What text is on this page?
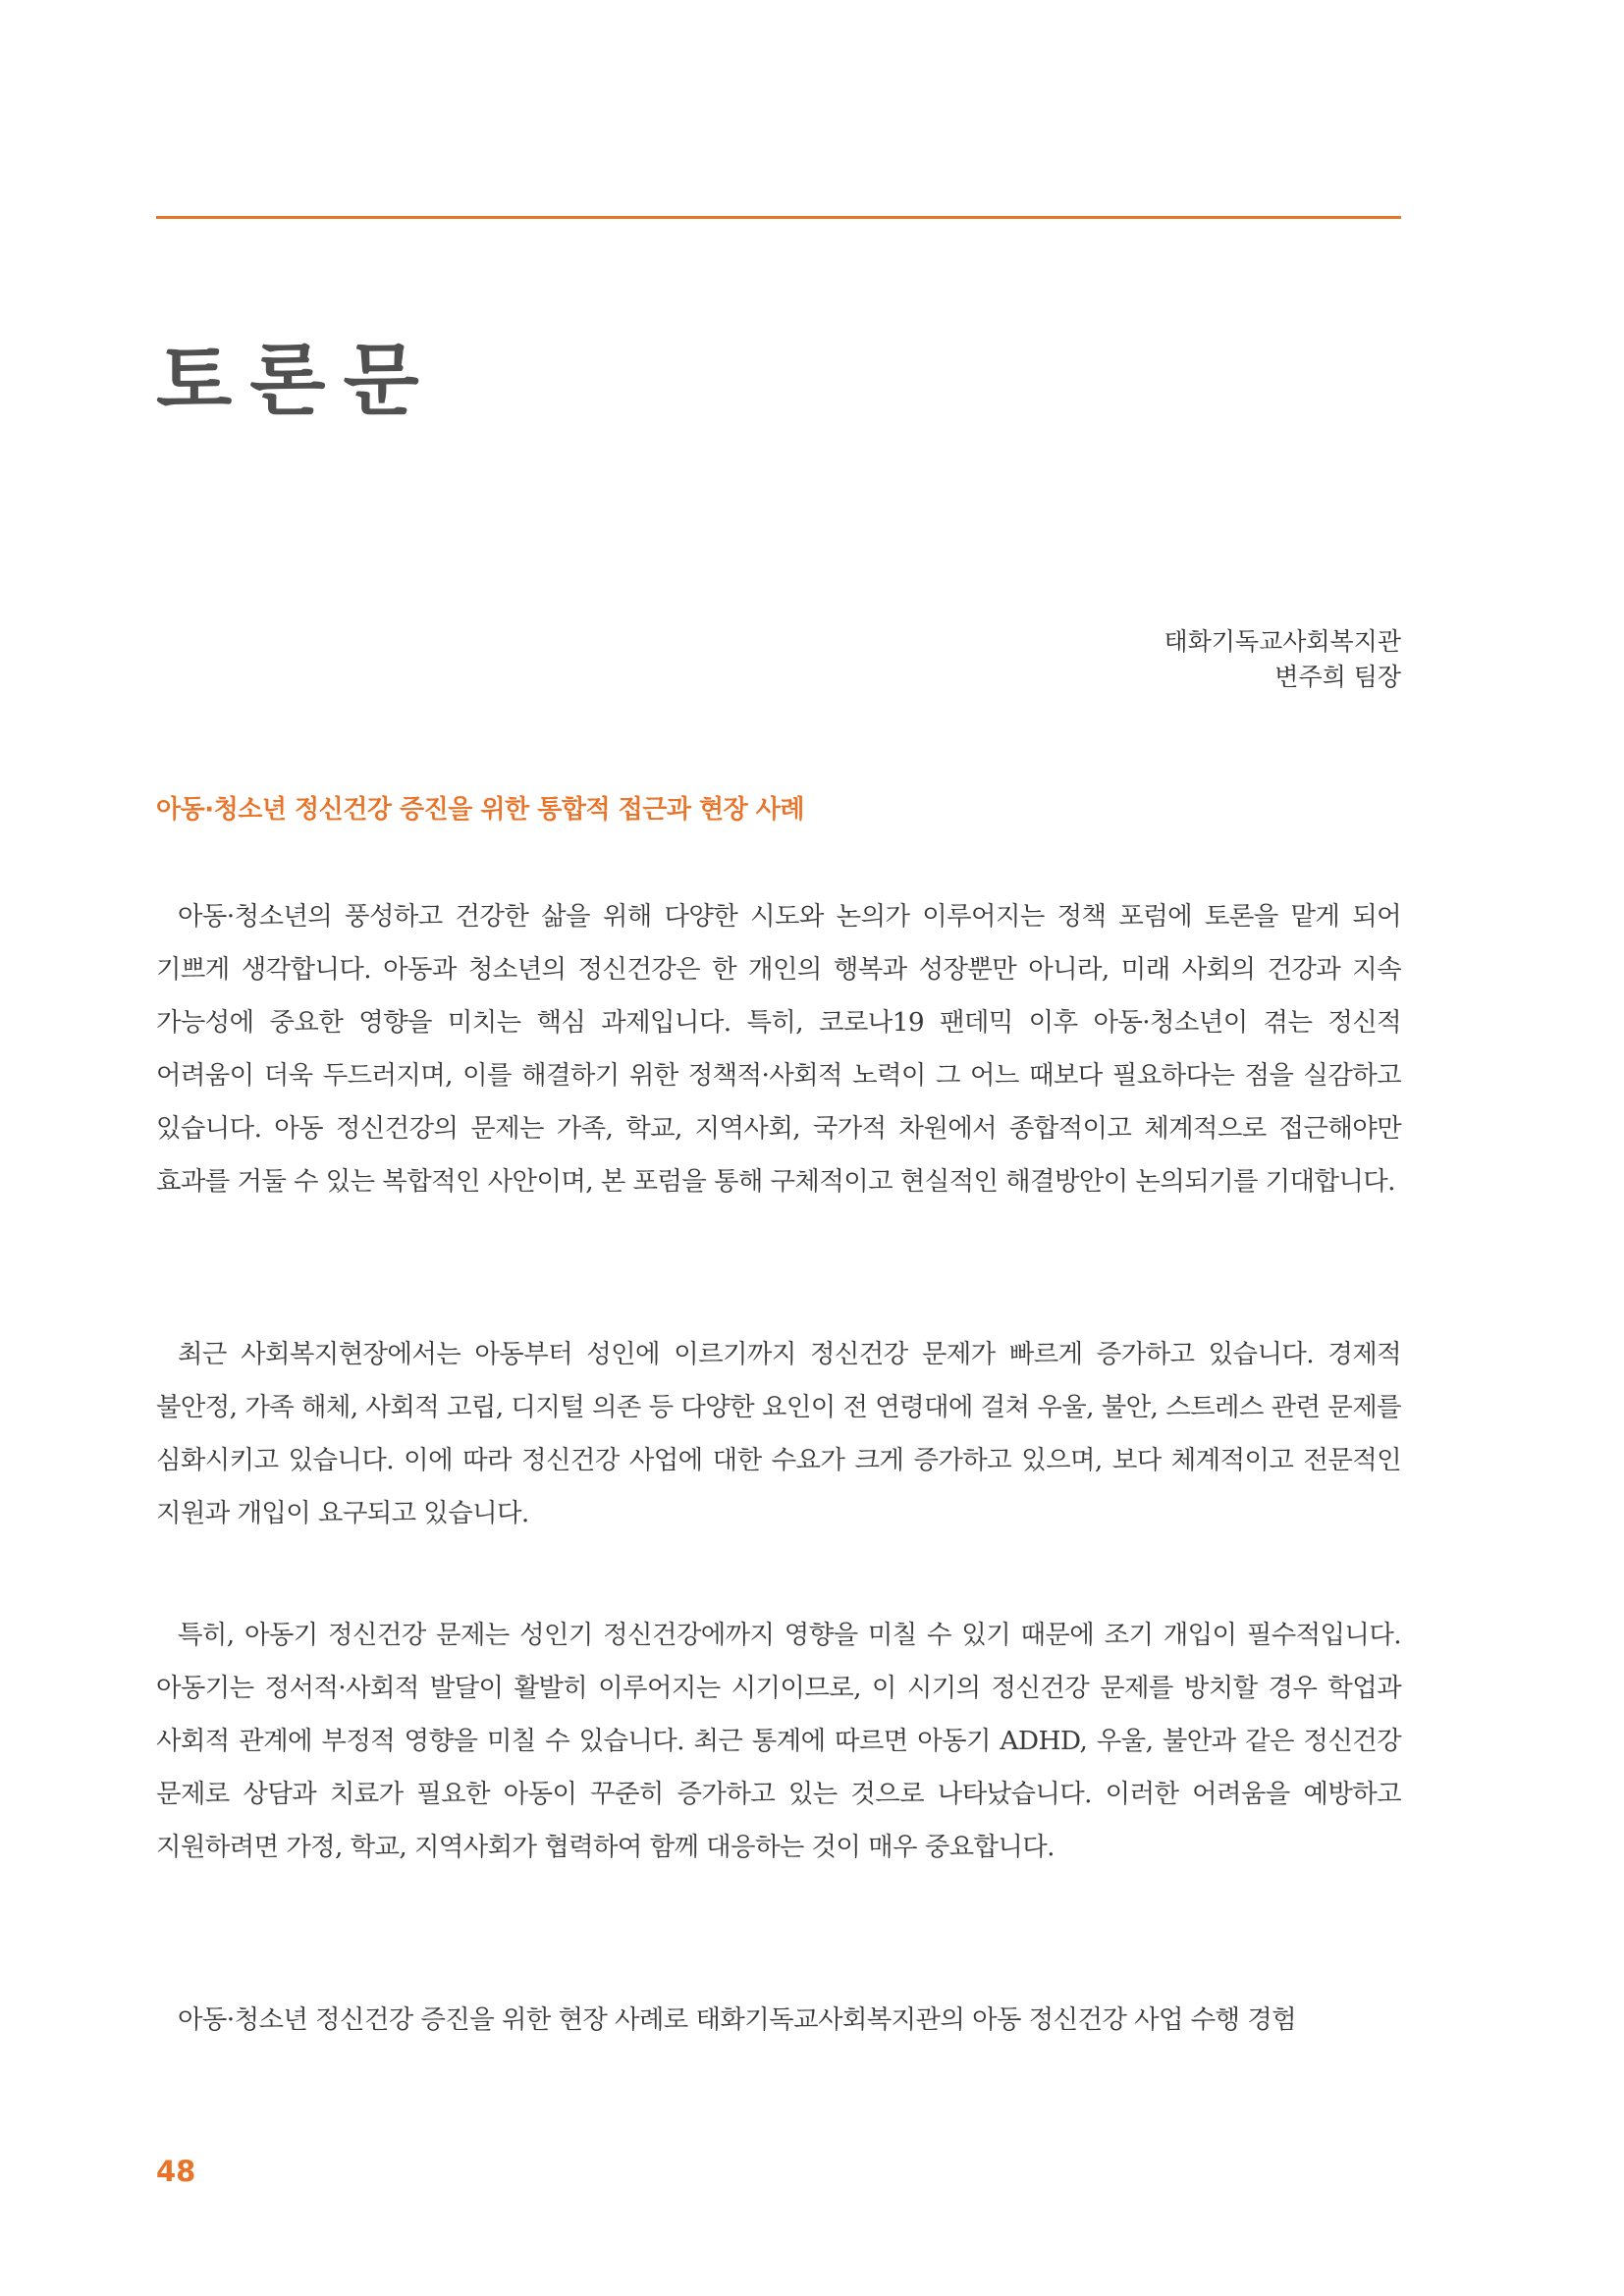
토론문
태화기독교사회복지관
변주희 팀장
아동·청소년 정신건강 증진을 위한 통합적 접근과 현장 사례

아동·청소년의 풍성하고 건강한 삶을 위해 다양한 시도와 논의가 이루어지는 정책 포럼에 토론을 맡게 되어 기쁘게 생각합니다. 아동과 청소년의 정신건강은 한 개인의 행복과 성장뿐만 아니라, 미래 사회의 건강과 지속 가능성에 중요한 영향을 미치는 핵심 과제입니다. 특히, 코로나19 팬데믹 이후 아동·청소년이 겪는 정신적 어려움이 더욱 두드러지며, 이를 해결하기 위한 정책적·사회적 노력이 그 어느 때보다 필요하다는 점을 실감하고 있습니다. 아동 정신건강의 문제는 가족, 학교, 지역사회, 국가적 차원에서 종합적이고 체계적으로 접근해야만 효과를 거둘 수 있는 복합적인 사안이며, 본 포럼을 통해 구체적이고 현실적인 해결방안이 논의되기를 기대합니다.

최근 사회복지현장에서는 아동부터 성인에 이르기까지 정신건강 문제가 빠르게 증가하고 있습니다. 경제적 불안정, 가족 해체, 사회적 고립, 디지털 의존 등 다양한 요인이 전 연령대에 걸쳐 우울, 불안, 스트레스 관련 문제를 심화시키고 있습니다. 이에 따라 정신건강 사업에 대한 수요가 크게 증가하고 있으며, 보다 체계적이고 전문적인 지원과 개입이 요구되고 있습니다.

특히, 아동기 정신건강 문제는 성인기 정신건강에까지 영향을 미칠 수 있기 때문에 조기 개입이 필수적입니다. 아동기는 정서적·사회적 발달이 활발히 이루어지는 시기이므로, 이 시기의 정신건강 문제를 방치할 경우 학업과 사회적 관계에 부정적 영향을 미칠 수 있습니다. 최근 통계에 따르면 아동기 ADHD, 우울, 불안과 같은 정신건강 문제로 상담과 치료가 필요한 아동이 꾸준히 증가하고 있는 것으로 나타났습니다. 이러한 어려움을 예방하고 지원하려면 가정, 학교, 지역사회가 협력하여 함께 대응하는 것이 매우 중요합니다.

아동·청소년 정신건강 증진을 위한 현장 사례로 태화기독교사회복지관의 아동 정신건강 사업 수행 경험

48
